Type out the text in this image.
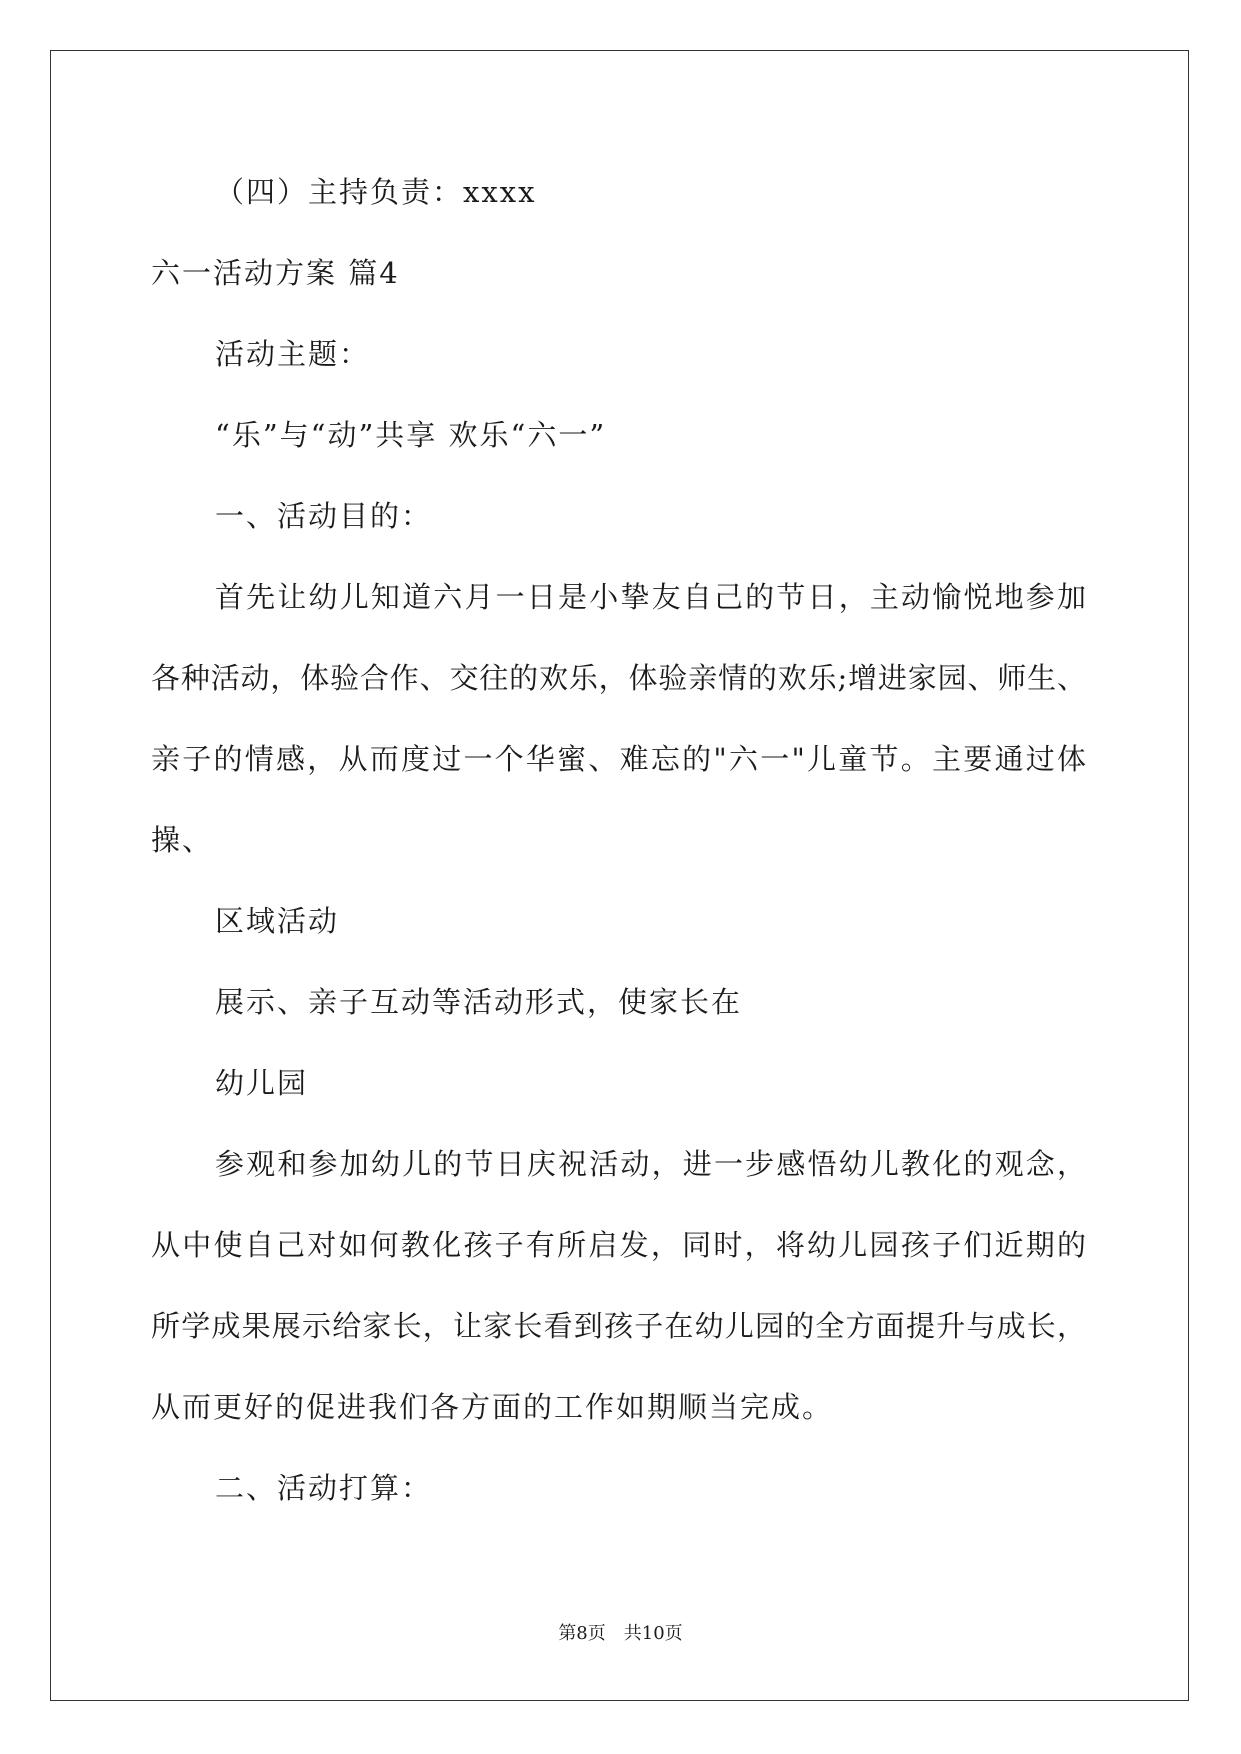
（四）主持负责：xxxx
六一活动方案 篇4
活动主题：
“乐”与“动”共享 欢乐“六一”
一、活动目的：
首先让幼儿知道六月一日是小挚友自己的节日，主动愉悦地参加
各种活动，体验合作、交往的欢乐，体验亲情的欢乐;增进家园、师生、
亲子的情感，从而度过一个华蜜、难忘的"六一"儿童节。主要通过体
操、
区域活动
展示、亲子互动等活动形式，使家长在
幼儿园
参观和参加幼儿的节日庆祝活动，进一步感悟幼儿教化的观念，
从中使自己对如何教化孩子有所启发，同时，将幼儿园孩子们近期的
所学成果展示给家长，让家长看到孩子在幼儿园的全方面提升与成长，
从而更好的促进我们各方面的工作如期顺当完成。
二、活动打算：
第8页　共10页
